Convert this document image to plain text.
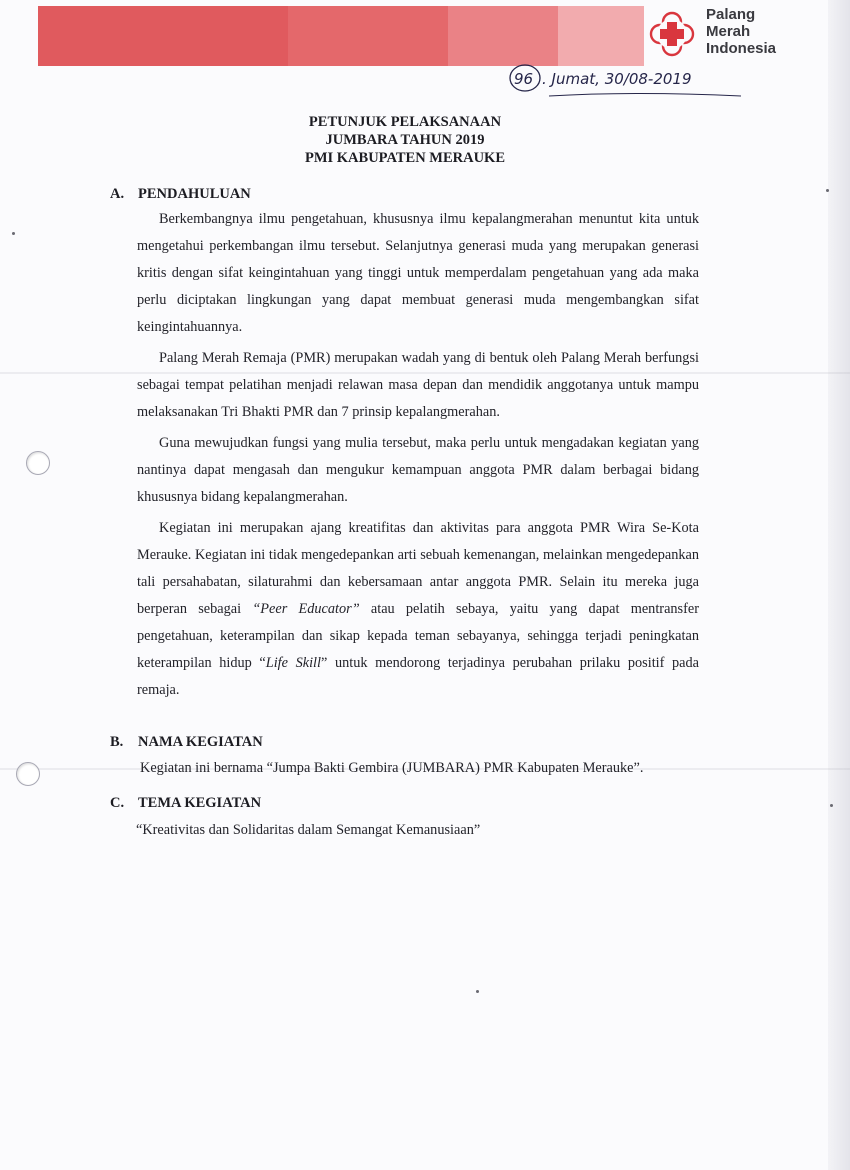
Palang
Merah
Indonesia
96 . Jumat, 30/08-2019
PETUNJUK PELAKSANAAN
JUMBARA TAHUN 2019
PMI KABUPATEN MERAUKE
A. PENDAHULUAN

Berkembangnya ilmu pengetahuan, khususnya ilmu kepalangmerahan menuntut kita untuk mengetahui perkembangan ilmu tersebut. Selanjutnya generasi muda yang merupakan generasi kritis dengan sifat keingintahuan yang tinggi untuk memperdalam pengetahuan yang ada maka perlu diciptakan lingkungan yang dapat membuat generasi muda mengembangkan sifat keingintahuannya.

Palang Merah Remaja (PMR) merupakan wadah yang di bentuk oleh Palang Merah berfungsi sebagai tempat pelatihan menjadi relawan masa depan dan mendidik anggotanya untuk mampu melaksanakan Tri Bhakti PMR dan 7 prinsip kepalangmerahan.

Guna mewujudkan fungsi yang mulia tersebut, maka perlu untuk mengadakan kegiatan yang nantinya dapat mengasah dan mengukur kemampuan anggota PMR dalam berbagai bidang khususnya bidang kepalangmerahan.

Kegiatan ini merupakan ajang kreatifitas dan aktivitas para anggota PMR Wira Se-Kota Merauke. Kegiatan ini tidak mengedepankan arti sebuah kemenangan, melainkan mengedepankan tali persahabatan, silaturahmi dan kebersamaan antar anggota PMR. Selain itu mereka juga berperan sebagai “Peer Educator” atau pelatih sebaya, yaitu yang dapat mentransfer pengetahuan, keterampilan dan sikap kepada teman sebayanya, sehingga terjadi peningkatan keterampilan hidup “Life Skill” untuk mendorong terjadinya perubahan prilaku positif pada remaja.

B. NAMA KEGIATAN
Kegiatan ini bernama “Jumpa Bakti Gembira (JUMBARA) PMR Kabupaten Merauke”.
C. TEMA KEGIATAN
“Kreativitas dan Solidaritas dalam Semangat Kemanusiaan”
